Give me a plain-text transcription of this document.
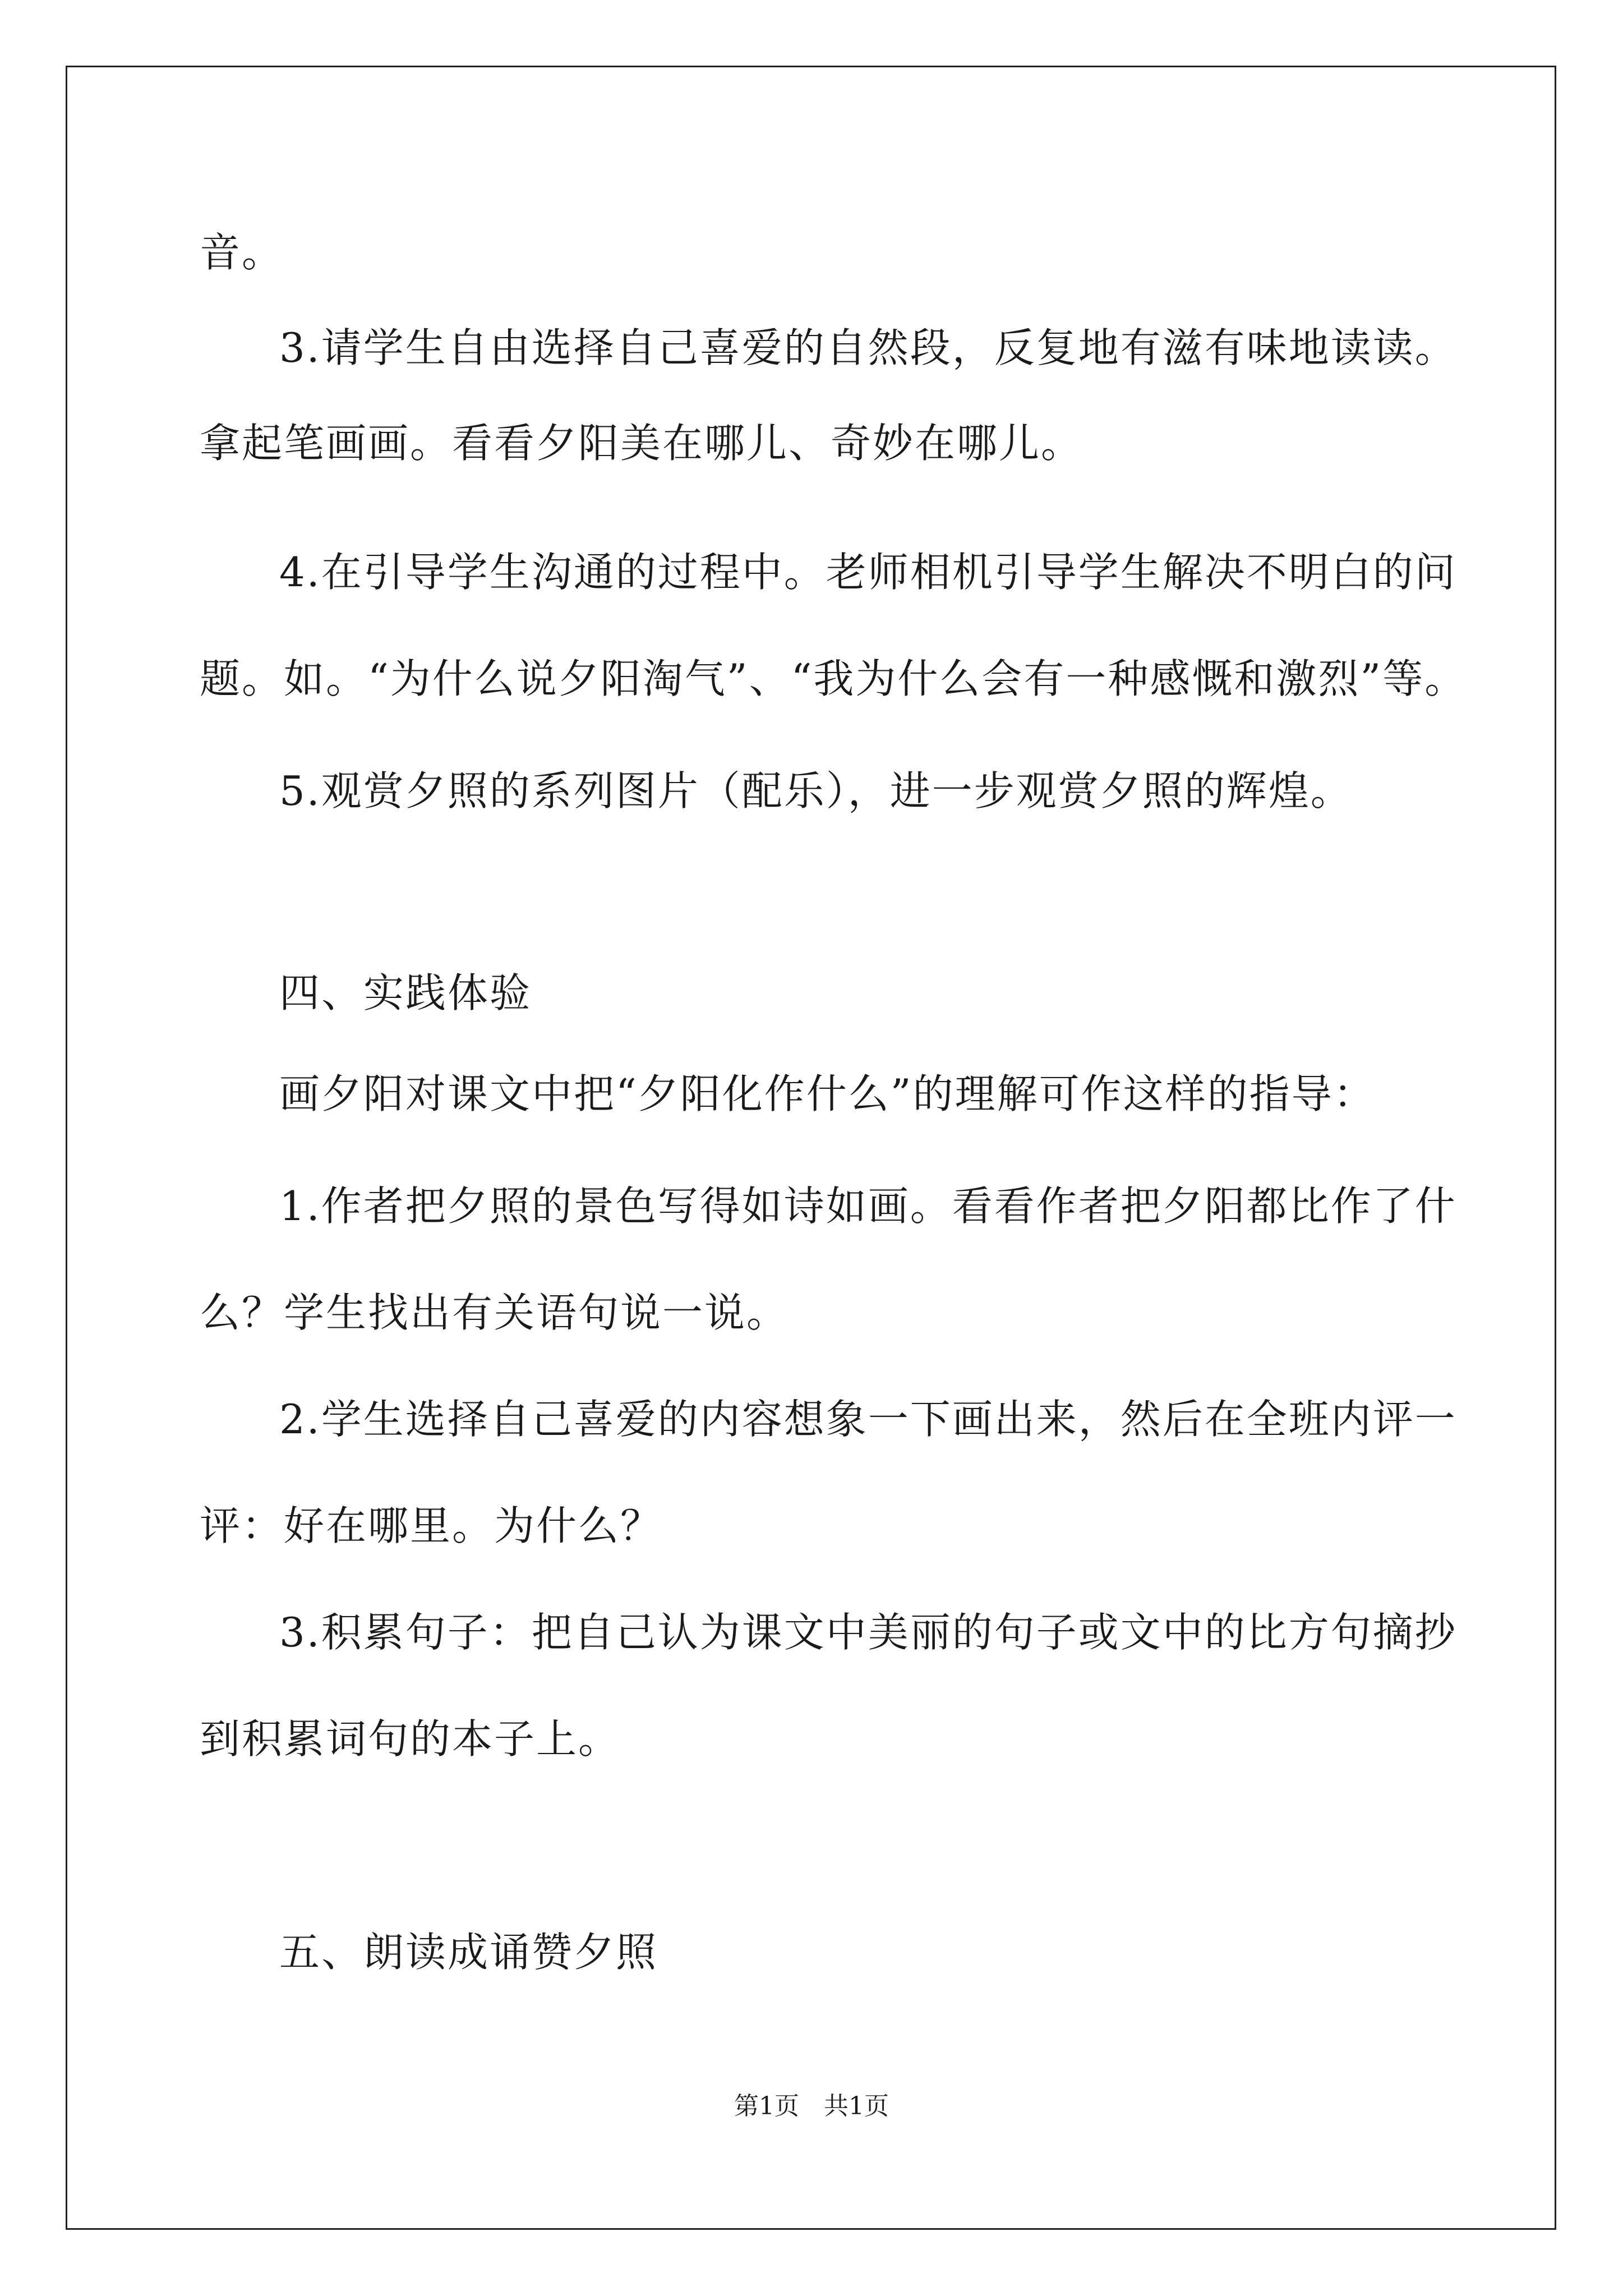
音。
3.请学生自由选择自己喜爱的自然段，反复地有滋有味地读读。
拿起笔画画。看看夕阳美在哪儿、奇妙在哪儿。
4.在引导学生沟通的过程中。老师相机引导学生解决不明白的问
题。如。“为什么说夕阳淘气”、“我为什么会有一种感慨和激烈”等。
5.观赏夕照的系列图片（配乐），进一步观赏夕照的辉煌。
四、实践体验
画夕阳对课文中把“夕阳化作什么”的理解可作这样的指导：
1.作者把夕照的景色写得如诗如画。看看作者把夕阳都比作了什
么？学生找出有关语句说一说。
2.学生选择自己喜爱的内容想象一下画出来，然后在全班内评一
评：好在哪里。为什么？
3.积累句子：把自己认为课文中美丽的句子或文中的比方句摘抄
到积累词句的本子上。
五、朗读成诵赞夕照
第1页　共1页
